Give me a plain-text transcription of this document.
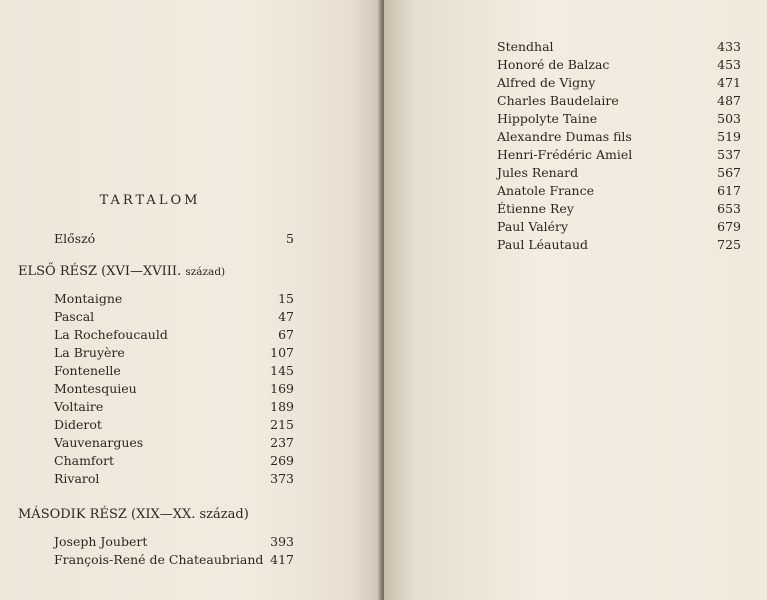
TARTALOM
Előszó	5
ELSŐ RÉSZ (XVI—XVIII. század)
Montaigne	15
Pascal	47
La Rochefoucauld	67
La Bruyère	107
Fontenelle	145
Montesquieu	169
Voltaire	189
Diderot	215
Vauvenargues	237
Chamfort	269
Rivarol	373
MÁSODIK RÉSZ (XIX—XX. század)
Joseph Joubert	393
François-René de Chateaubriand 417
Stendhal	433
Honoré de Balzac	453
Alfred de Vigny	471
Charles Baudelaire	487
Hippolyte Taine	503
Alexandre Dumas fils	519
Henri-Frédéric Amiel	537
Jules Renard	567
Anatole France	617
Étienne Rey	653
Paul Valéry	679
Paul Léautaud	725
